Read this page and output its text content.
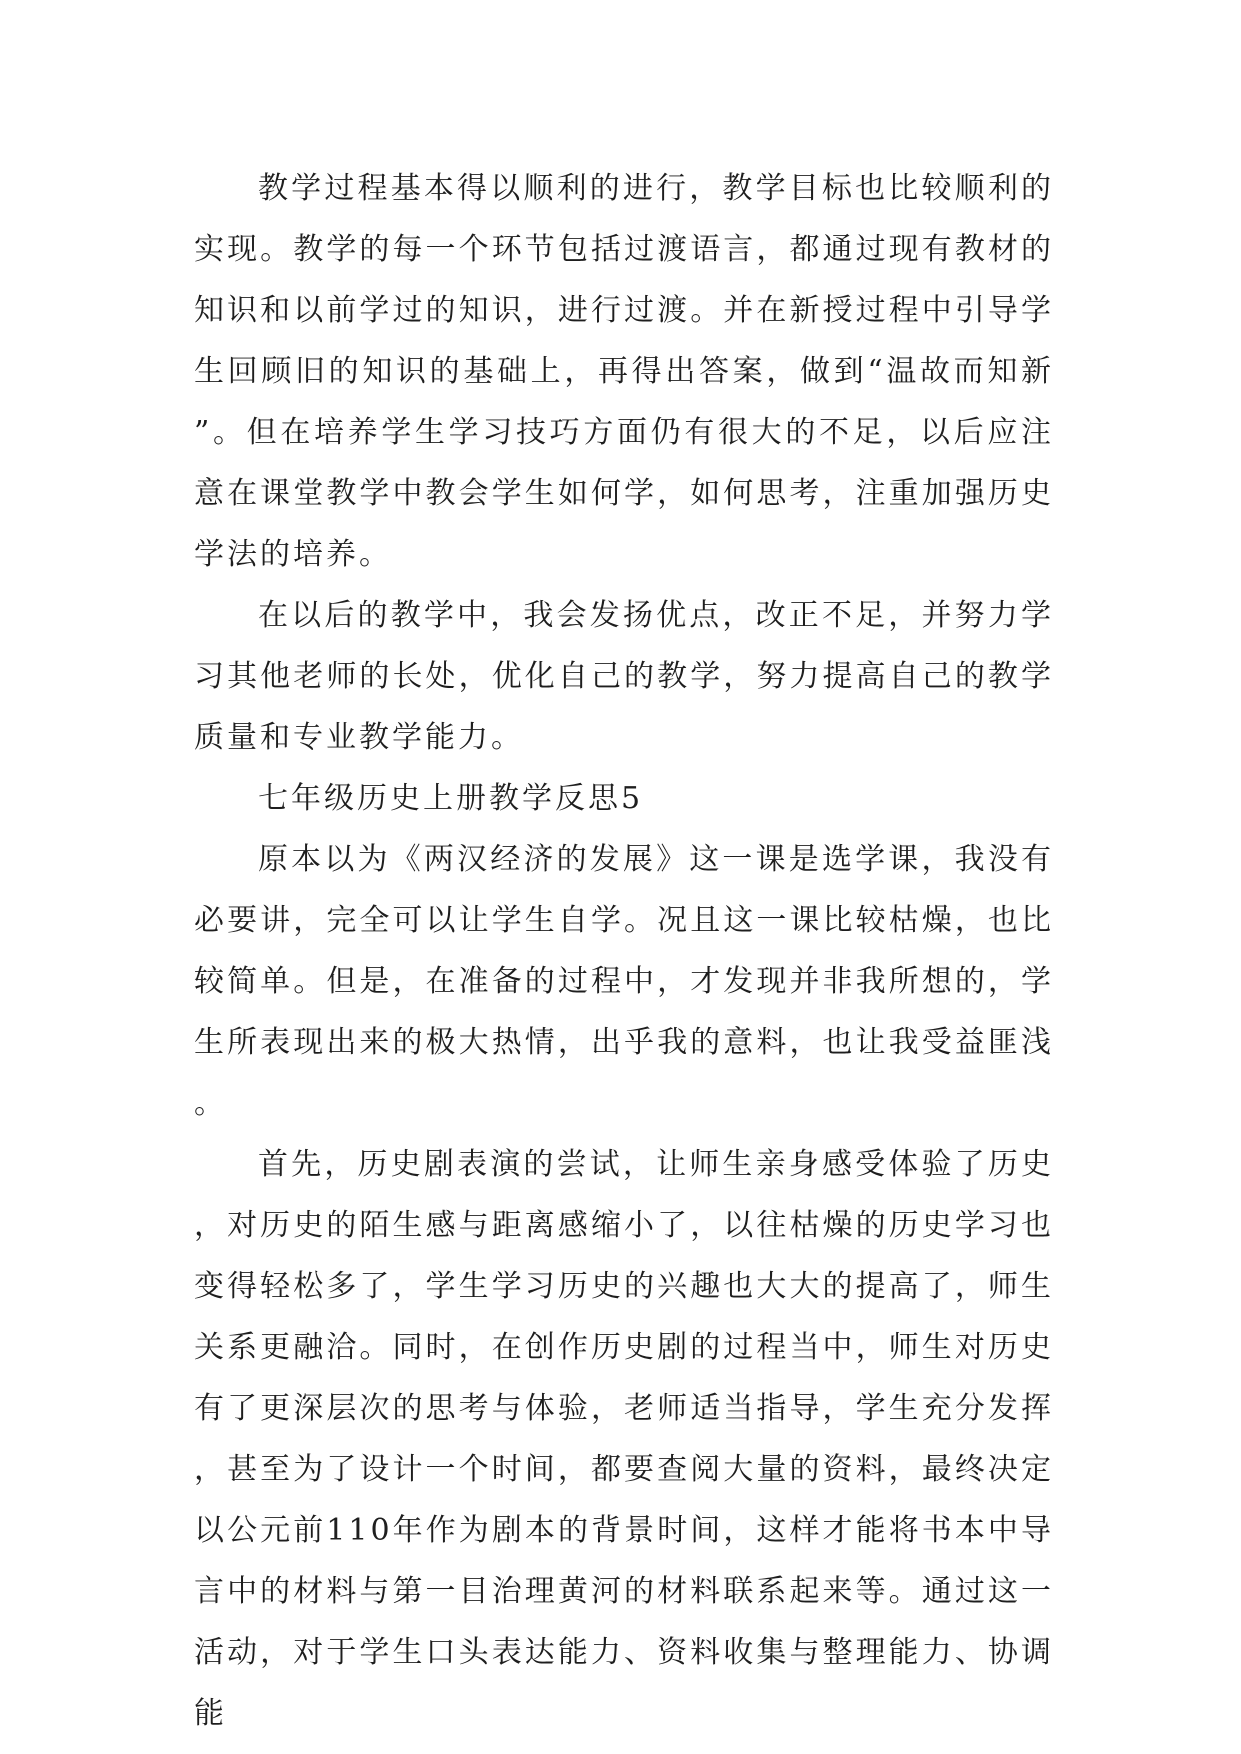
教学过程基本得以顺利的进行，教学目标也比较顺利的实现。教学的每一个环节包括过渡语言，都通过现有教材的知识和以前学过的知识，进行过渡。并在新授过程中引导学生回顾旧的知识的基础上，再得出答案，做到“温故而知新”。但在培养学生学习技巧方面仍有很大的不足，以后应注意在课堂教学中教会学生如何学，如何思考，注重加强历史学法的培养。

在以后的教学中，我会发扬优点，改正不足，并努力学习其他老师的长处，优化自己的教学，努力提高自己的教学质量和专业教学能力。

七年级历史上册教学反思5

原本以为《两汉经济的发展》这一课是选学课，我没有必要讲，完全可以让学生自学。况且这一课比较枯燥，也比较简单。但是，在准备的过程中，才发现并非我所想的，学生所表现出来的极大热情，出乎我的意料，也让我受益匪浅。

首先，历史剧表演的尝试，让师生亲身感受体验了历史，对历史的陌生感与距离感缩小了，以往枯燥的历史学习也变得轻松多了，学生学习历史的兴趣也大大的提高了，师生关系更融洽。同时，在创作历史剧的过程当中，师生对历史有了更深层次的思考与体验，老师适当指导，学生充分发挥，甚至为了设计一个时间，都要查阅大量的资料，最终决定以公元前110年作为剧本的背景时间，这样才能将书本中导言中的材料与第一目治理黄河的材料联系起来等。通过这一活动，对于学生口头表达能力、资料收集与整理能力、协调能
